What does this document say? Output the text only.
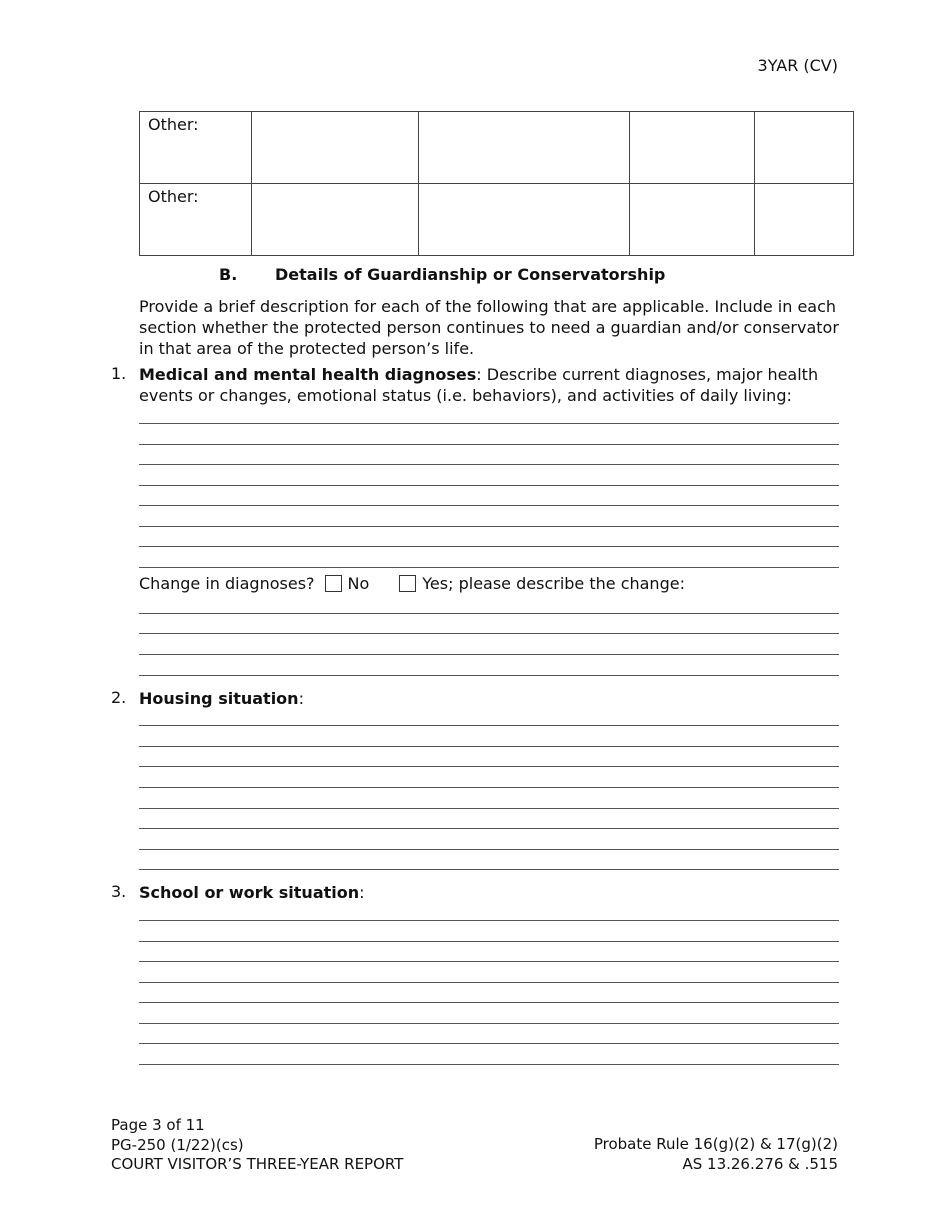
3YAR (CV)
Other:				
Other:				
B. Details of Guardianship or Conservatorship
Provide a brief description for each of the following that are applicable. Include in each section whether the protected person continues to need a guardian and/or conservator in that area of the protected person’s life.
1. Medical and mental health diagnoses: Describe current diagnoses, major health events or changes, emotional status (i.e. behaviors), and activities of daily living:
Change in diagnoses? No	Yes; please describe the change:
2. Housing situation:
3. School or work situation:
Page 3 of 11
PG-250 (1/22)(cs)
COURT VISITOR’S THREE-YEAR REPORT
Probate Rule 16(g)(2) & 17(g)(2)
AS 13.26.276 & .515
